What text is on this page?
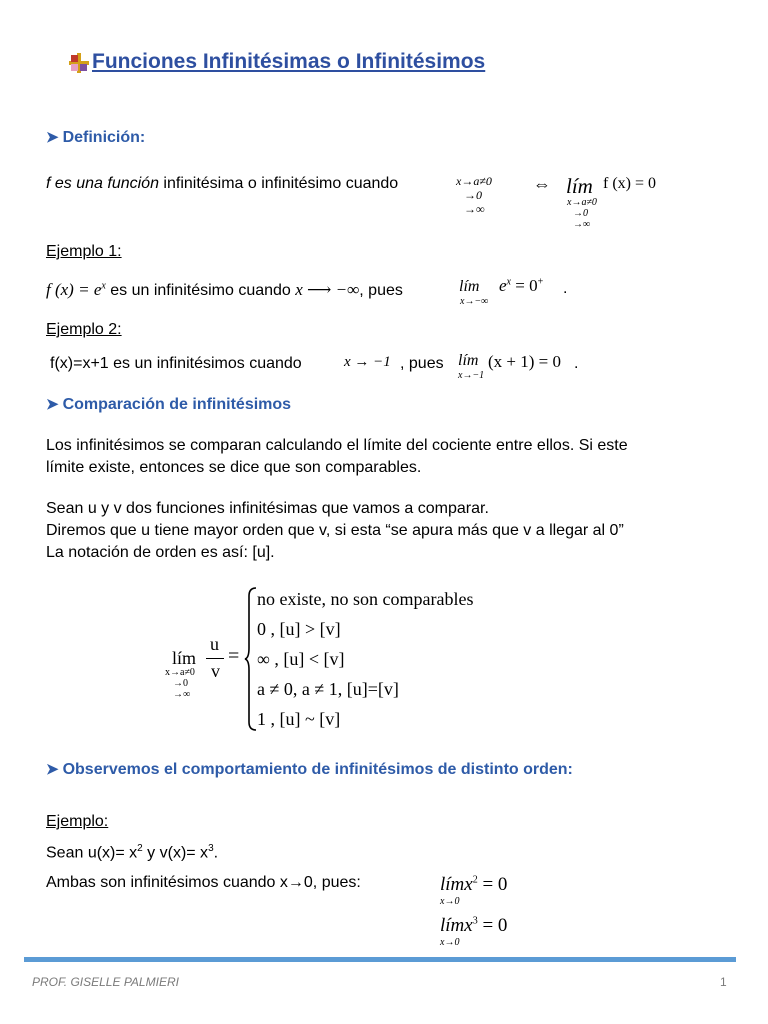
Funciones Infinitésimas o Infinitésimos
➤ Definición:
f es una función infinitésima o infinitésimo cuando	x→a≠0
→0
→∞
⇔ lím f (x) = 0
x→a≠0
→0
→∞
Ejemplo 1:
f $(x) = e^x$ es un infinitésimo cuando x ⟶ −∞, pues	lím $e^x = 0^+$ .
x→−∞
Ejemplo 2:
f(x)=x+1 es un infinitésimos cuando	x → −1 , pues lím (x + 1) = 0 .
x→−1
➤ Comparación de infinitésimos
Los infinitésimos se comparan calculando el límite del cociente entre ellos. Si este
límite existe, entonces se dice que son comparables.
Sean u y v dos funciones infinitésimas que vamos a comparar.
Diremos que u tiene mayor orden que v, si esta “se apura más que v a llegar al 0”
La notación de orden es así: [u].
lím
x→a≠0
→0
→∞
u
v
=
no existe, no son comparables
0 , [u] > [v]
∞ , [u] < [v]
a ≠ 0, a ≠ 1, [u]=[v]
1 , [u] ~ [v]
➤ Observemos el comportamiento de infinitésimos de distinto orden:
Ejemplo:
Sean $u(x)= x^2$ y $v(x)= x^3$.
Ambas son infinitésimos cuando x→0, pues:	límx$^2$ = 0
x→0
límx$^3$ = 0
x→0
PROF. GISELLE PALMIERI	1
